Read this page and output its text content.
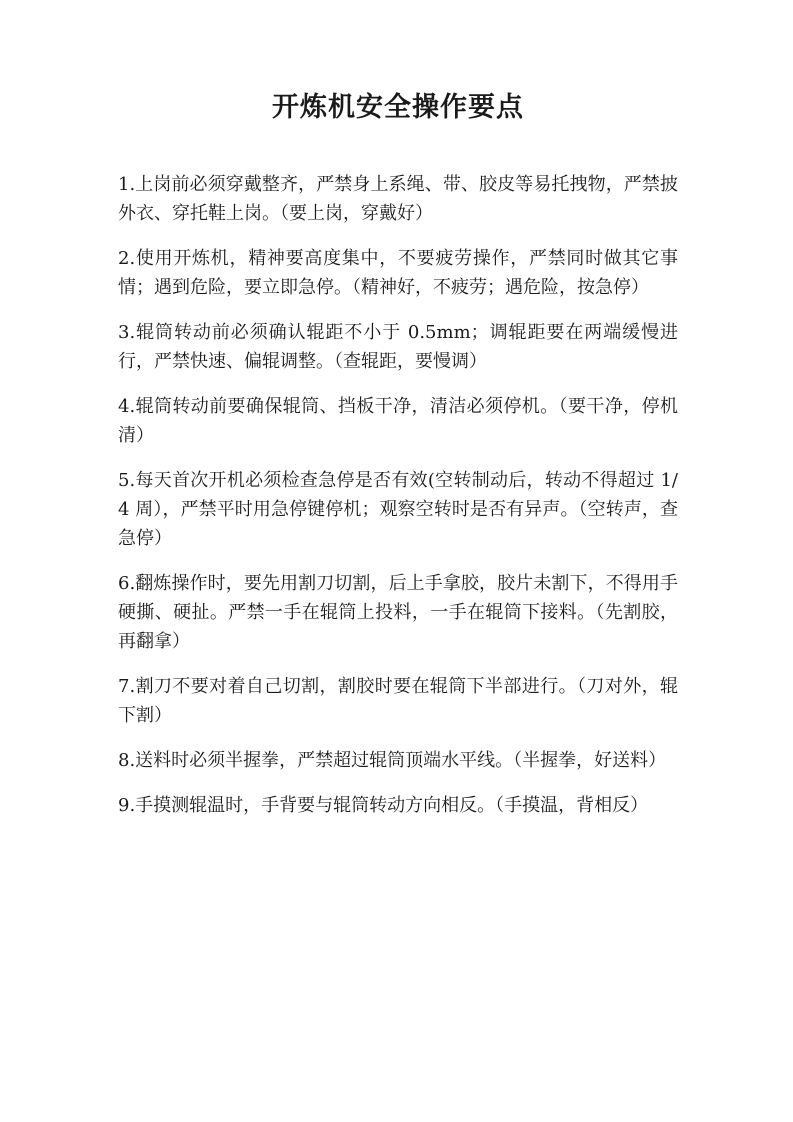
开炼机安全操作要点
1.上岗前必须穿戴整齐，严禁身上系绳、带、胶皮等易托拽物，严禁披外衣、穿托鞋上岗。（要上岗，穿戴好）
2.使用开炼机，精神要高度集中，不要疲劳操作，严禁同时做其它事情；遇到危险，要立即急停。（精神好，不疲劳；遇危险，按急停）
3.辊筒转动前必须确认辊距不小于 0.5mm；调辊距要在两端缓慢进行，严禁快速、偏辊调整。（查辊距，要慢调）
4.辊筒转动前要确保辊筒、挡板干净，清洁必须停机。（要干净，停机清）
5.每天首次开机必须检查急停是否有效(空转制动后，转动不得超过 1/4 周），严禁平时用急停键停机；观察空转时是否有异声。（空转声，查急停）
6.翻炼操作时，要先用割刀切割，后上手拿胶，胶片未割下，不得用手硬撕、硬扯。严禁一手在辊筒上投料，一手在辊筒下接料。（先割胶，再翻拿）
7.割刀不要对着自己切割，割胶时要在辊筒下半部进行。（刀对外，辊下割）
8.送料时必须半握拳，严禁超过辊筒顶端水平线。（半握拳，好送料）
9.手摸测辊温时，手背要与辊筒转动方向相反。（手摸温，背相反）
